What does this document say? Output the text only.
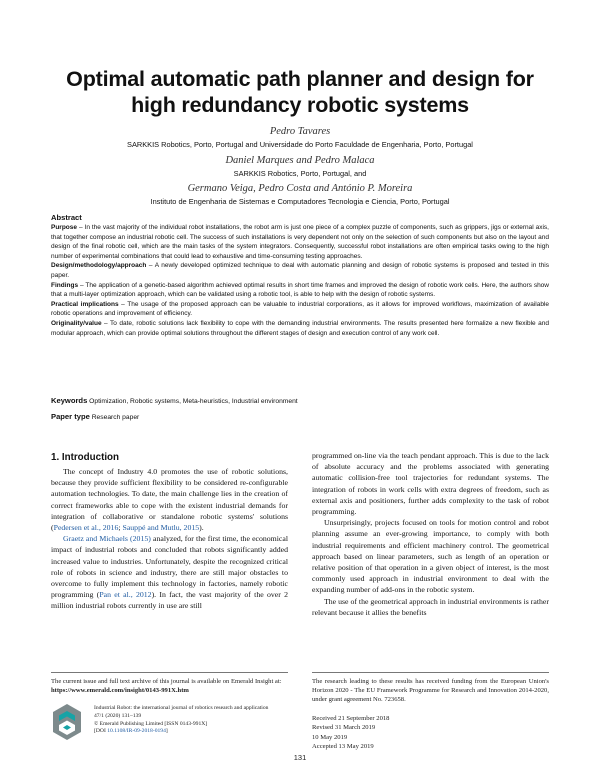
Optimal automatic path planner and design for
high redundancy robotic systems
Pedro Tavares
SARKKIS Robotics, Porto, Portugal and Universidade do Porto Faculdade de Engenharia, Porto, Portugal
Daniel Marques and Pedro Malaca
SARKKIS Robotics, Porto, Portugal, and
Germano Veiga, Pedro Costa and António P. Moreira
Instituto de Engenharia de Sistemas e Computadores Tecnologia e Ciencia, Porto, Portugal
Abstract

Purpose – In the vast majority of the individual robot installations, the robot arm is just one piece of a complex puzzle of components, such as grippers, jigs or external axis, that together compose an industrial robotic cell. The success of such installations is very dependent not only on the selection of such components but also on the layout and design of the final robotic cell, which are the main tasks of the system integrators. Consequently, successful robot installations are often empirical tasks owing to the high number of experimental combinations that could lead to exhaustive and time-consuming testing approaches.

Design/methodology/approach – A newly developed optimized technique to deal with automatic planning and design of robotic systems is proposed and tested in this paper.

Findings – The application of a genetic-based algorithm achieved optimal results in short time frames and improved the design of robotic work cells. Here, the authors show that a multi-layer optimization approach, which can be validated using a robotic tool, is able to help with the design of robotic systems.

Practical implications – The usage of the proposed approach can be valuable to industrial corporations, as it allows for improved workflows, maximization of available robotic operations and improvement of efficiency.

Originality/value – To date, robotic solutions lack flexibility to cope with the demanding industrial environments. The results presented here formalize a new flexible and modular approach, which can provide optimal solutions throughout the different stages of design and execution control of any work cell.

Keywords Optimization, Robotic systems, Meta-heuristics, Industrial environment
Paper type Research paper
1. Introduction

The concept of Industry 4.0 promotes the use of robotic solutions, because they provide sufficient flexibility to be considered re-configurable automation technologies. To date, the main challenge lies in the creation of correct frameworks able to cope with the existent industrial demands for integration of collaborative or standalone robotic systems' solutions (Pedersen et al., 2016; Sauppé and Mutlu, 2015).

Graetz and Michaels (2015) analyzed, for the first time, the economical impact of industrial robots and concluded that robots significantly added increased value to industries. Unfortunately, despite the recognized critical role of robots in science and industry, there are still major obstacles to overcome to fully implement this technology in factories, namely robotic programming (Pan et al., 2012). In fact, the vast majority of the over 2 million industrial robots currently in use are still

programmed on-line via the teach pendant approach. This is due to the lack of absolute accuracy and the problems associated with generating automatic collision-free tool trajectories for redundant systems. The integration of robots in work cells with extra degrees of freedom, such as external axis and positioners, further adds complexity to the task of robot programming.

Unsurprisingly, projects focused on tools for motion control and robot planning assume an ever-growing importance, to comply with both industrial requirements and efficient machinery control. The geometrical approach based on linear parameters, such as length of an operation or relative position of that operation in a given object of interest, is the most commonly used approach in industrial environment to deal with the expanding number of add-ons in the robotic system.

The use of the geometrical approach in industrial environments is rather relevant because it allies the benefits

The current issue and full text archive of this journal is available on Emerald Insight at: https://www.emerald.com/insight/0143-991X.htm
Industrial Robot: the international journal of robotics research and application
47/1 (2020) 131–139
© Emerald Publishing Limited [ISSN 0143-991X]
[DOI 10.1108/IR-09-2018-0194]
The research leading to these results has received funding from the European Union's Horizon 2020 - The EU Framework Programme for Research and Innovation 2014-2020, under grant agreement No. 723658.
Received 21 September 2018
Revised 31 March 2019
10 May 2019
Accepted 13 May 2019
131
